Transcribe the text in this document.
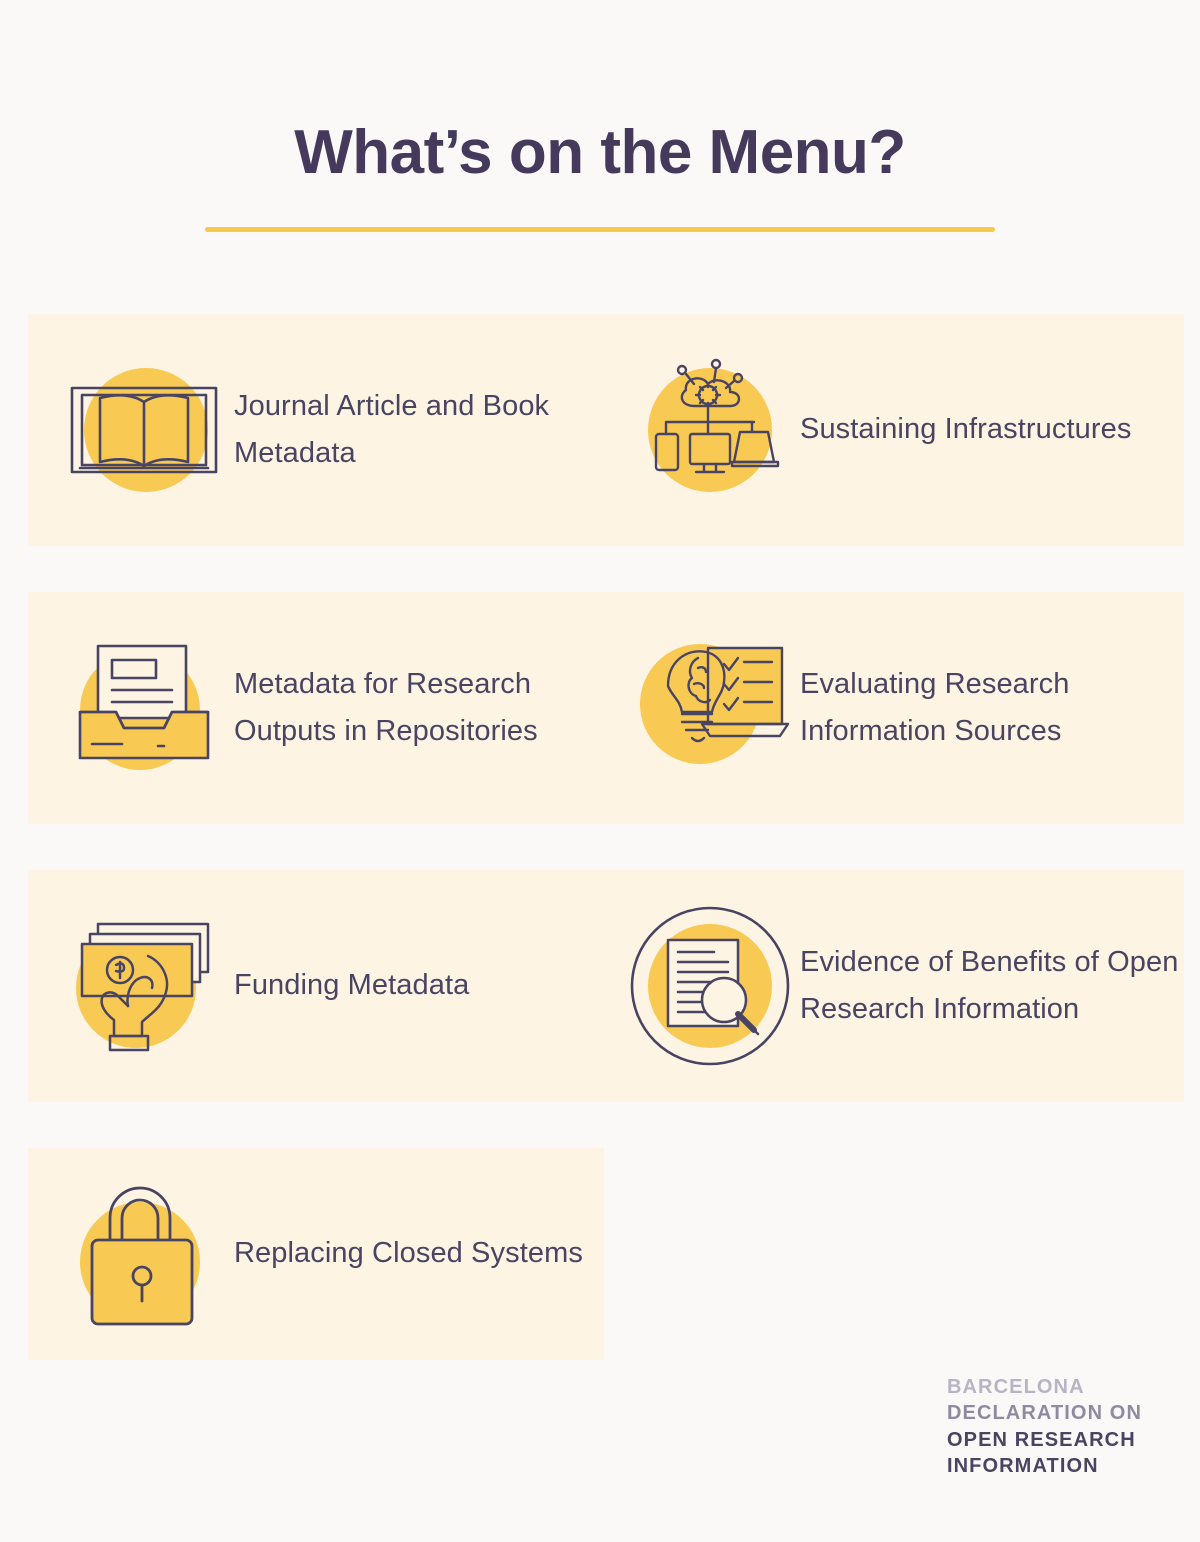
What’s on the Menu?
Journal Article and Book Metadata
Sustaining Infrastructures
Metadata for Research Outputs in Repositories
Evaluating Research Information Sources
Funding Metadata
Evidence of Benefits of Open Research Information
Replacing Closed Systems
BARCELONA
DECLARATION ON
OPEN RESEARCH
INFORMATION
